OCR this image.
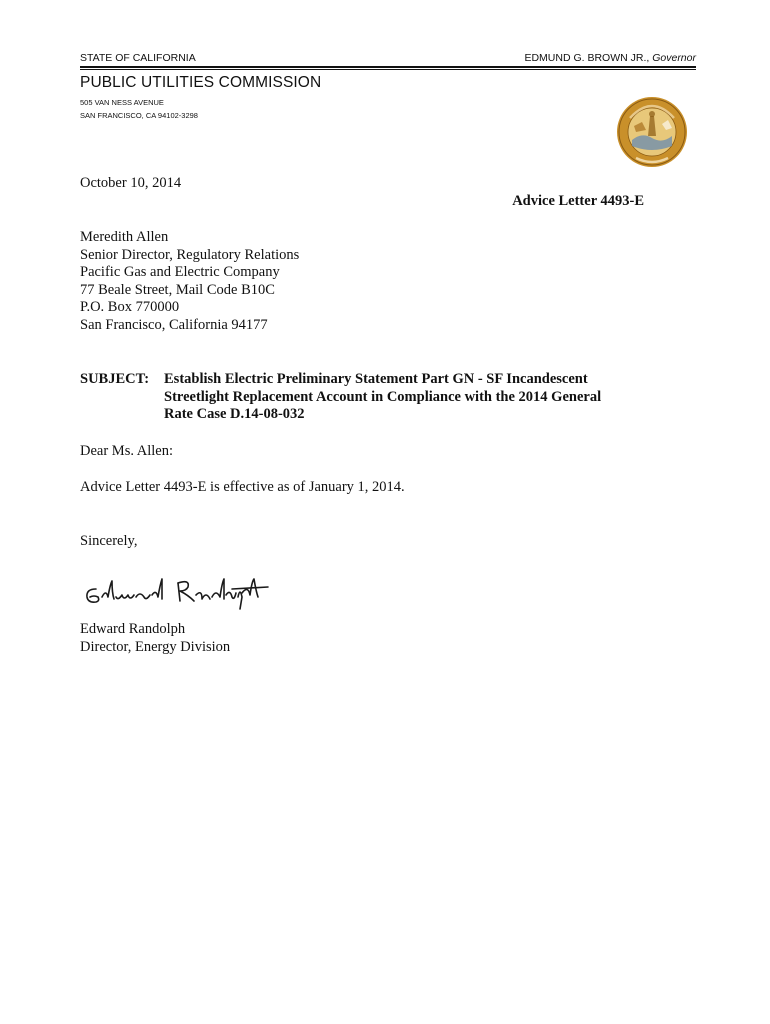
STATE OF CALIFORNIA	EDMUND G. BROWN JR., Governor
PUBLIC UTILITIES COMMISSION
505 VAN NESS AVENUE
SAN FRANCISCO, CA 94102-3298

October 10, 2014

Advice Letter 4493-E
Meredith Allen
Senior Director, Regulatory Relations
Pacific Gas and Electric Company
77 Beale Street, Mail Code B10C
P.O. Box 770000
San Francisco, California 94177
SUBJECT: Establish Electric Preliminary Statement Part GN - SF Incandescent
Streetlight Replacement Account in Compliance with the 2014 General
Rate Case D.14-08-032

Dear Ms. Allen:

Advice Letter 4493-E is effective as of January 1, 2014.

Sincerely,

Edward Randolph
Director, Energy Division
